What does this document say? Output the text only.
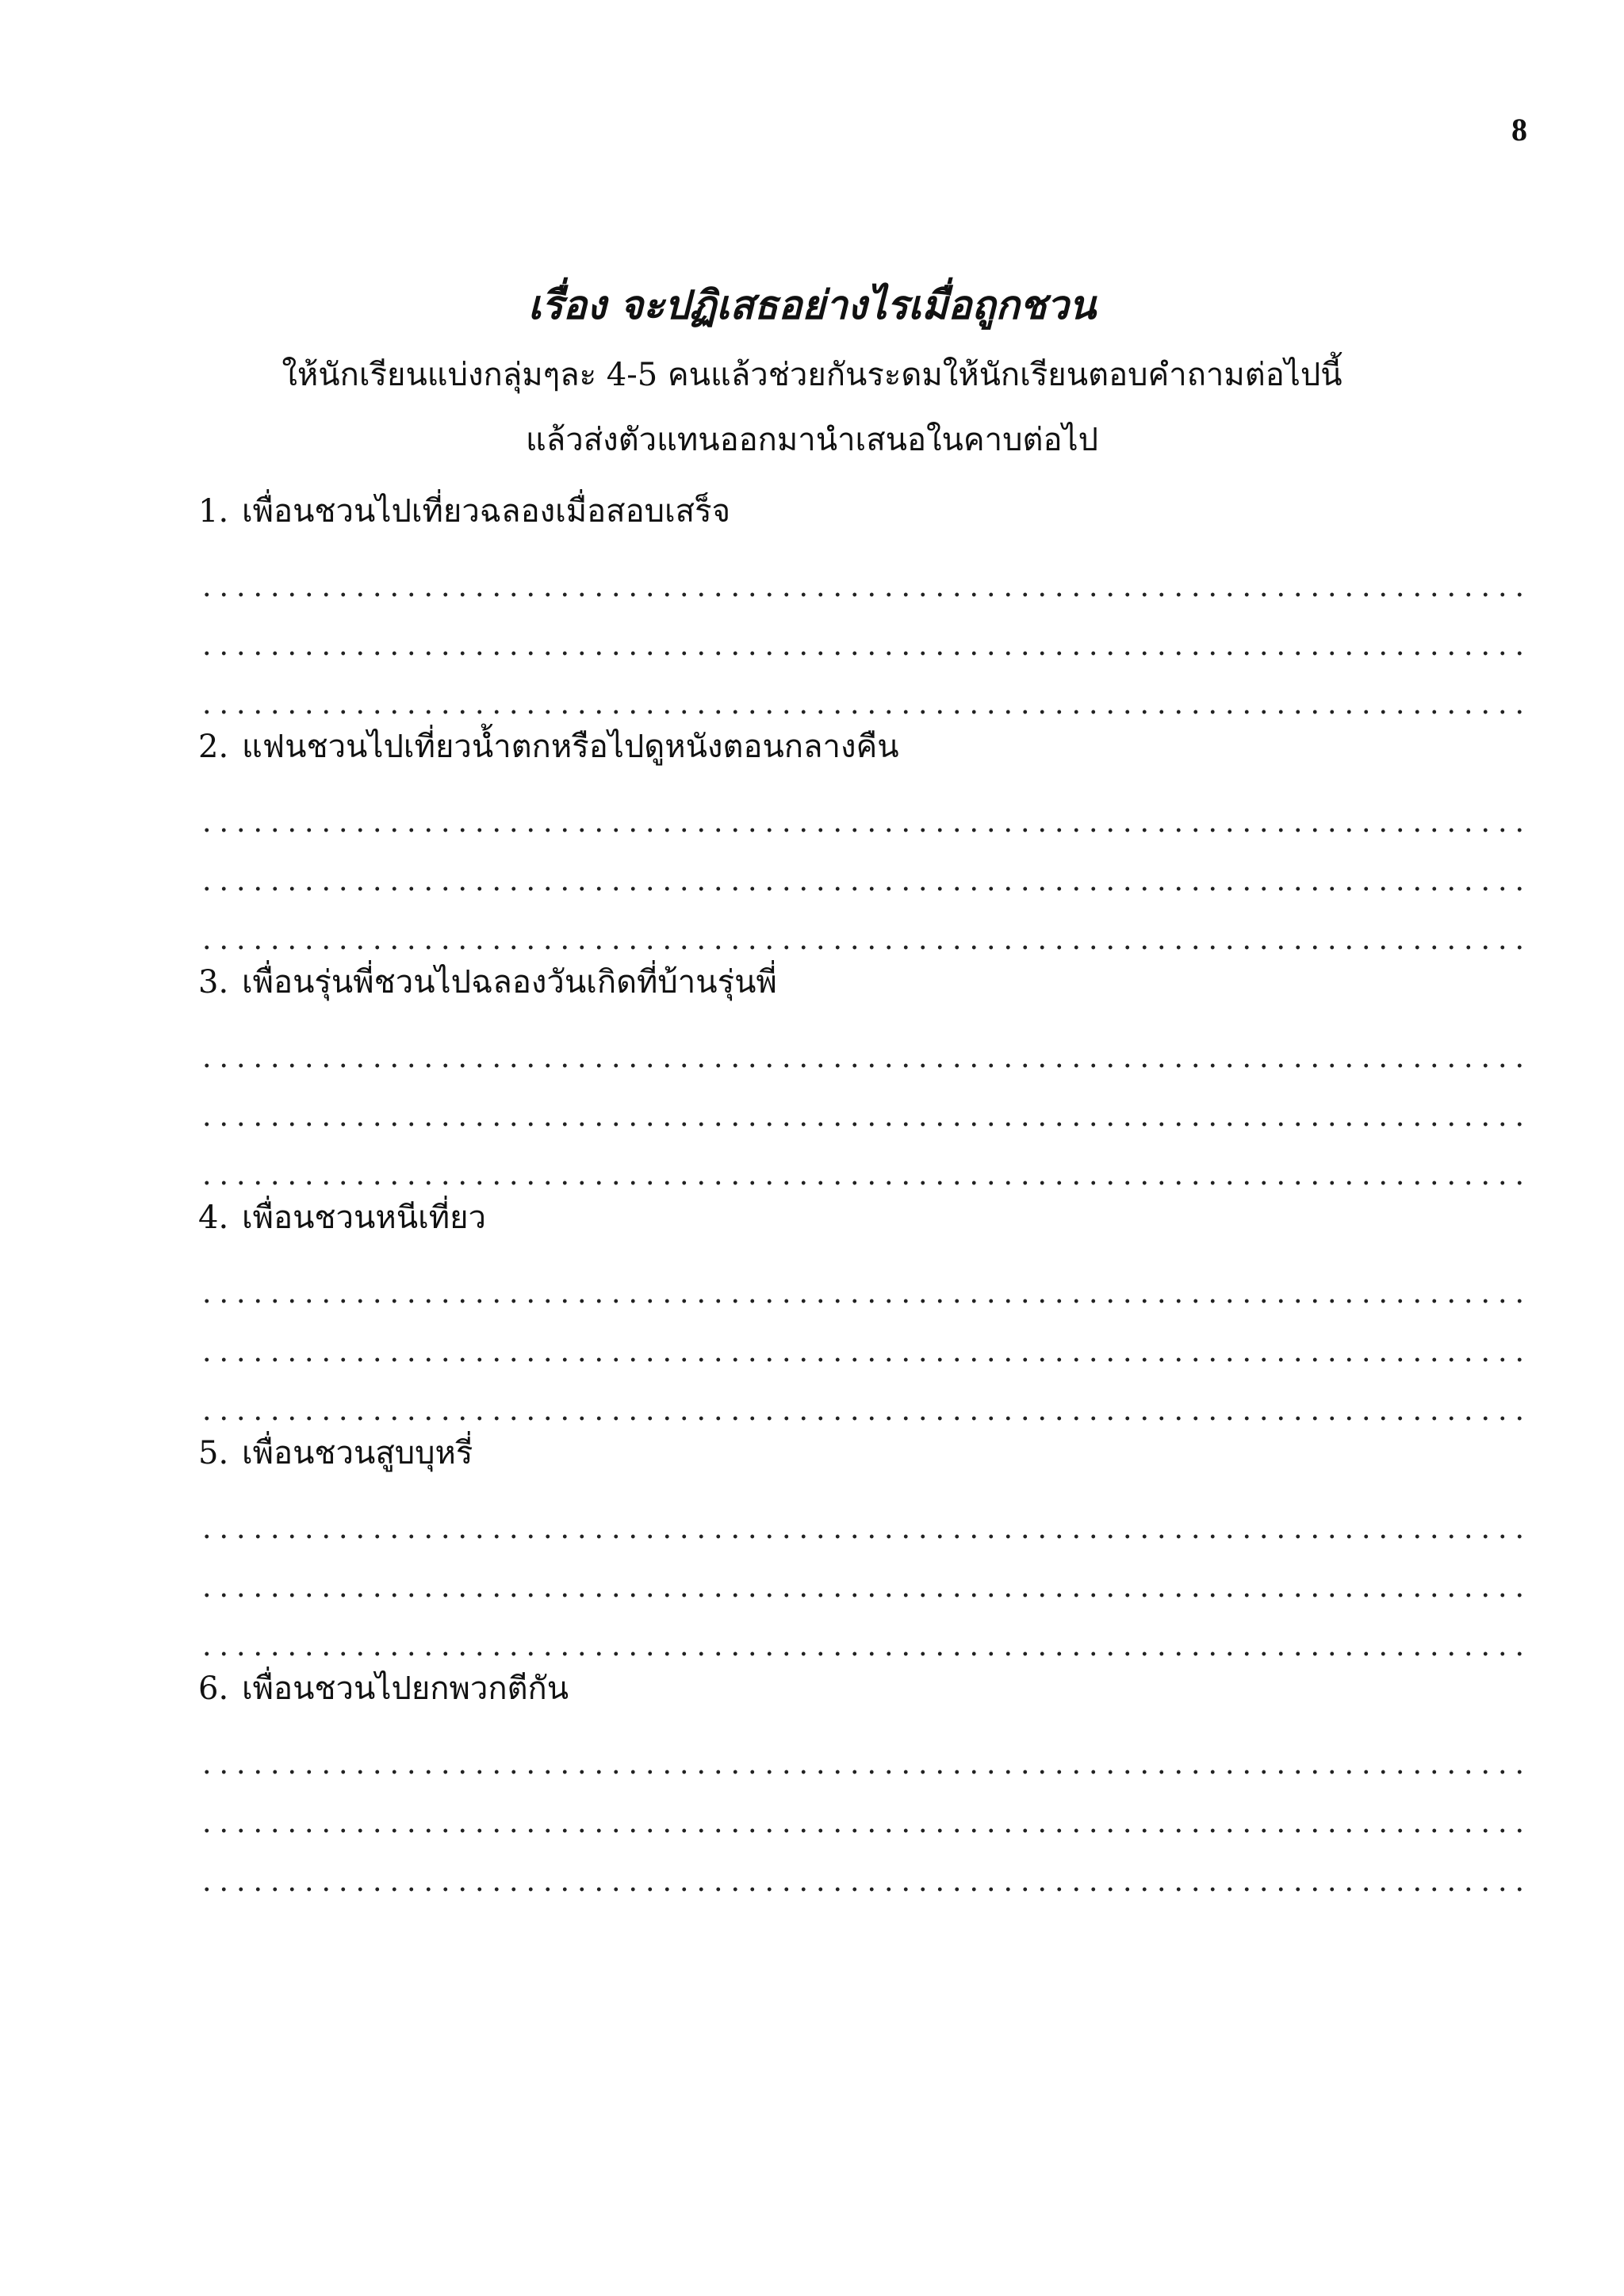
8
เรื่อง จะปฏิเสธอย่างไรเมื่อถูกชวน
ให้นักเรียนแบ่งกลุ่มๆละ 4-5 คนแล้วช่วยกันระดมให้นักเรียนตอบคำถามต่อไปนี้
แล้วส่งตัวแทนออกมานำเสนอในคาบต่อไป
1. เพื่อนชวนไปเที่ยวฉลองเมื่อสอบเสร็จ
2. แฟนชวนไปเที่ยวน้ำตกหรือไปดูหนังตอนกลางคืน
3. เพื่อนรุ่นพี่ชวนไปฉลองวันเกิดที่บ้านรุ่นพี่
4. เพื่อนชวนหนีเที่ยว
5. เพื่อนชวนสูบบุหรี่
6. เพื่อนชวนไปยกพวกตีกัน
